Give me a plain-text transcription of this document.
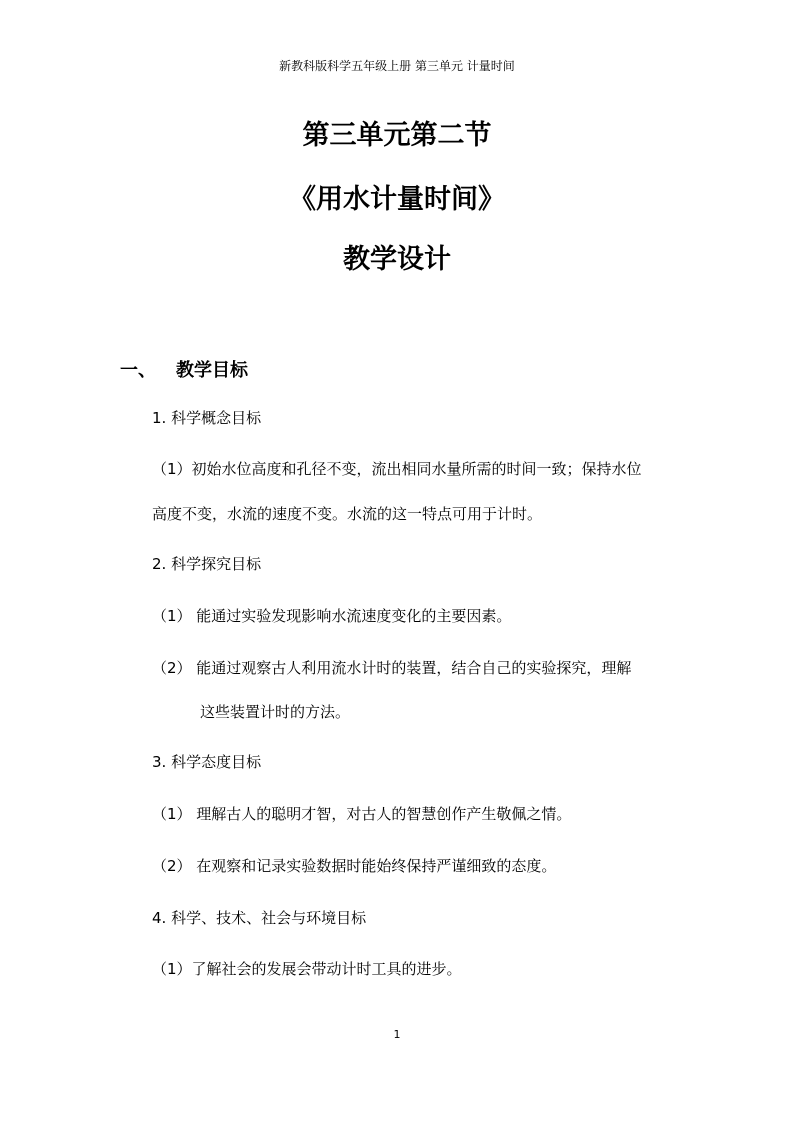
新教科版科学五年级上册 第三单元 计量时间
第三单元第二节
《用水计量时间》
教学设计
一、 教学目标
1. 科学概念目标
（1）初始水位高度和孔径不变，流出相同水量所需的时间一致；保持水位
高度不变，水流的速度不变。水流的这一特点可用于计时。
2. 科学探究目标
（1） 能通过实验发现影响水流速度变化的主要因素。
（2） 能通过观察古人利用流水计时的装置，结合自己的实验探究，理解
这些装置计时的方法。
3. 科学态度目标
（1） 理解古人的聪明才智，对古人的智慧创作产生敬佩之情。
（2） 在观察和记录实验数据时能始终保持严谨细致的态度。
4. 科学、技术、社会与环境目标
（1）了解社会的发展会带动计时工具的进步。
1
